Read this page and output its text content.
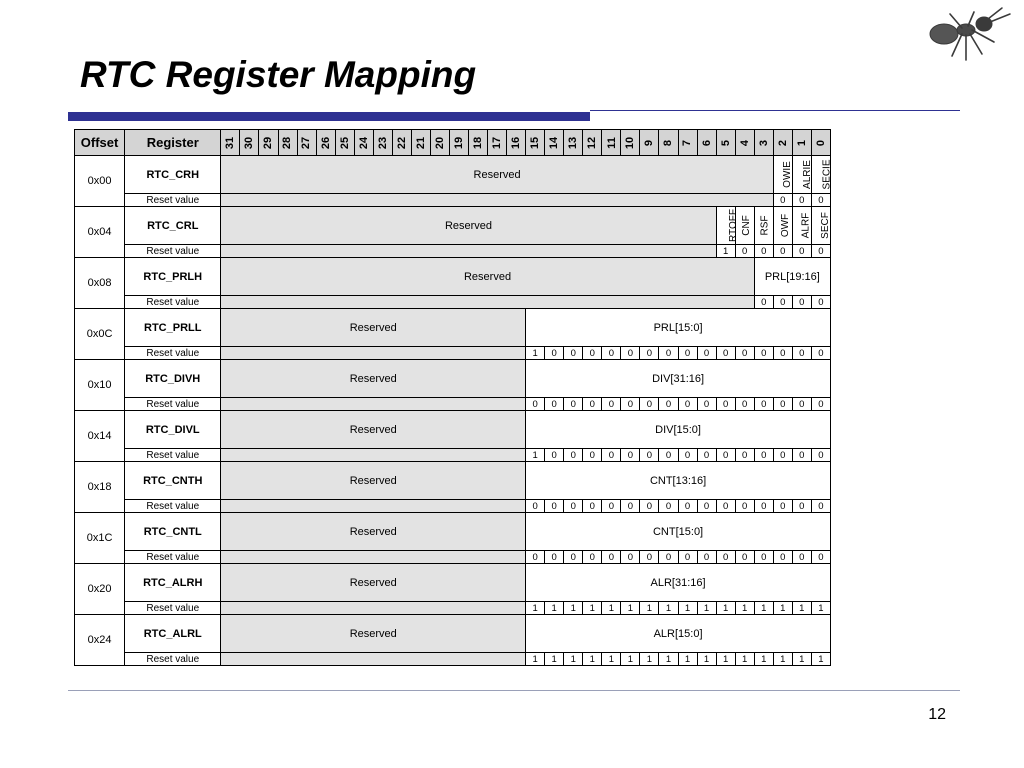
RTC Register Mapping
Offset	Register	31	30	29	28	27	26	25	24	23	22	21	20	19	18	17	16	15	14	13	12	11	10	9	8	7	6	5	4	3	2	1	0
0x00	RTC_CRH	Reserved																													OWIE	ALRIE	SECIE
	Reset value																														0	0	0
0x04	RTC_CRL	Reserved																										RTOFF	CNF	RSF	OWF	ALRF	SECF
	Reset value																											1	0	0	0	0	0
0x08	RTC_PRLH	Reserved																												PRL[19:16]			
	Reset value																													0	0	0	0
0x0C	RTC_PRLL	Reserved																PRL[15:0]															
	Reset value																	1	0	0	0	0	0	0	0	0	0	0	0	0	0	0	0
0x10	RTC_DIVH	Reserved																DIV[31:16]															
	Reset value																	0	0	0	0	0	0	0	0	0	0	0	0	0	0	0	0
0x14	RTC_DIVL	Reserved																DIV[15:0]															
	Reset value																	1	0	0	0	0	0	0	0	0	0	0	0	0	0	0	0
0x18	RTC_CNTH	Reserved																CNT[13:16]															
	Reset value																	0	0	0	0	0	0	0	0	0	0	0	0	0	0	0	0
0x1C	RTC_CNTL	Reserved																CNT[15:0]															
	Reset value																	0	0	0	0	0	0	0	0	0	0	0	0	0	0	0	0
0x20	RTC_ALRH	Reserved																ALR[31:16]															
	Reset value																	1	1	1	1	1	1	1	1	1	1	1	1	1	1	1	1
0x24	RTC_ALRL	Reserved																ALR[15:0]															
	Reset value																	1	1	1	1	1	1	1	1	1	1	1	1	1	1	1	1
12
